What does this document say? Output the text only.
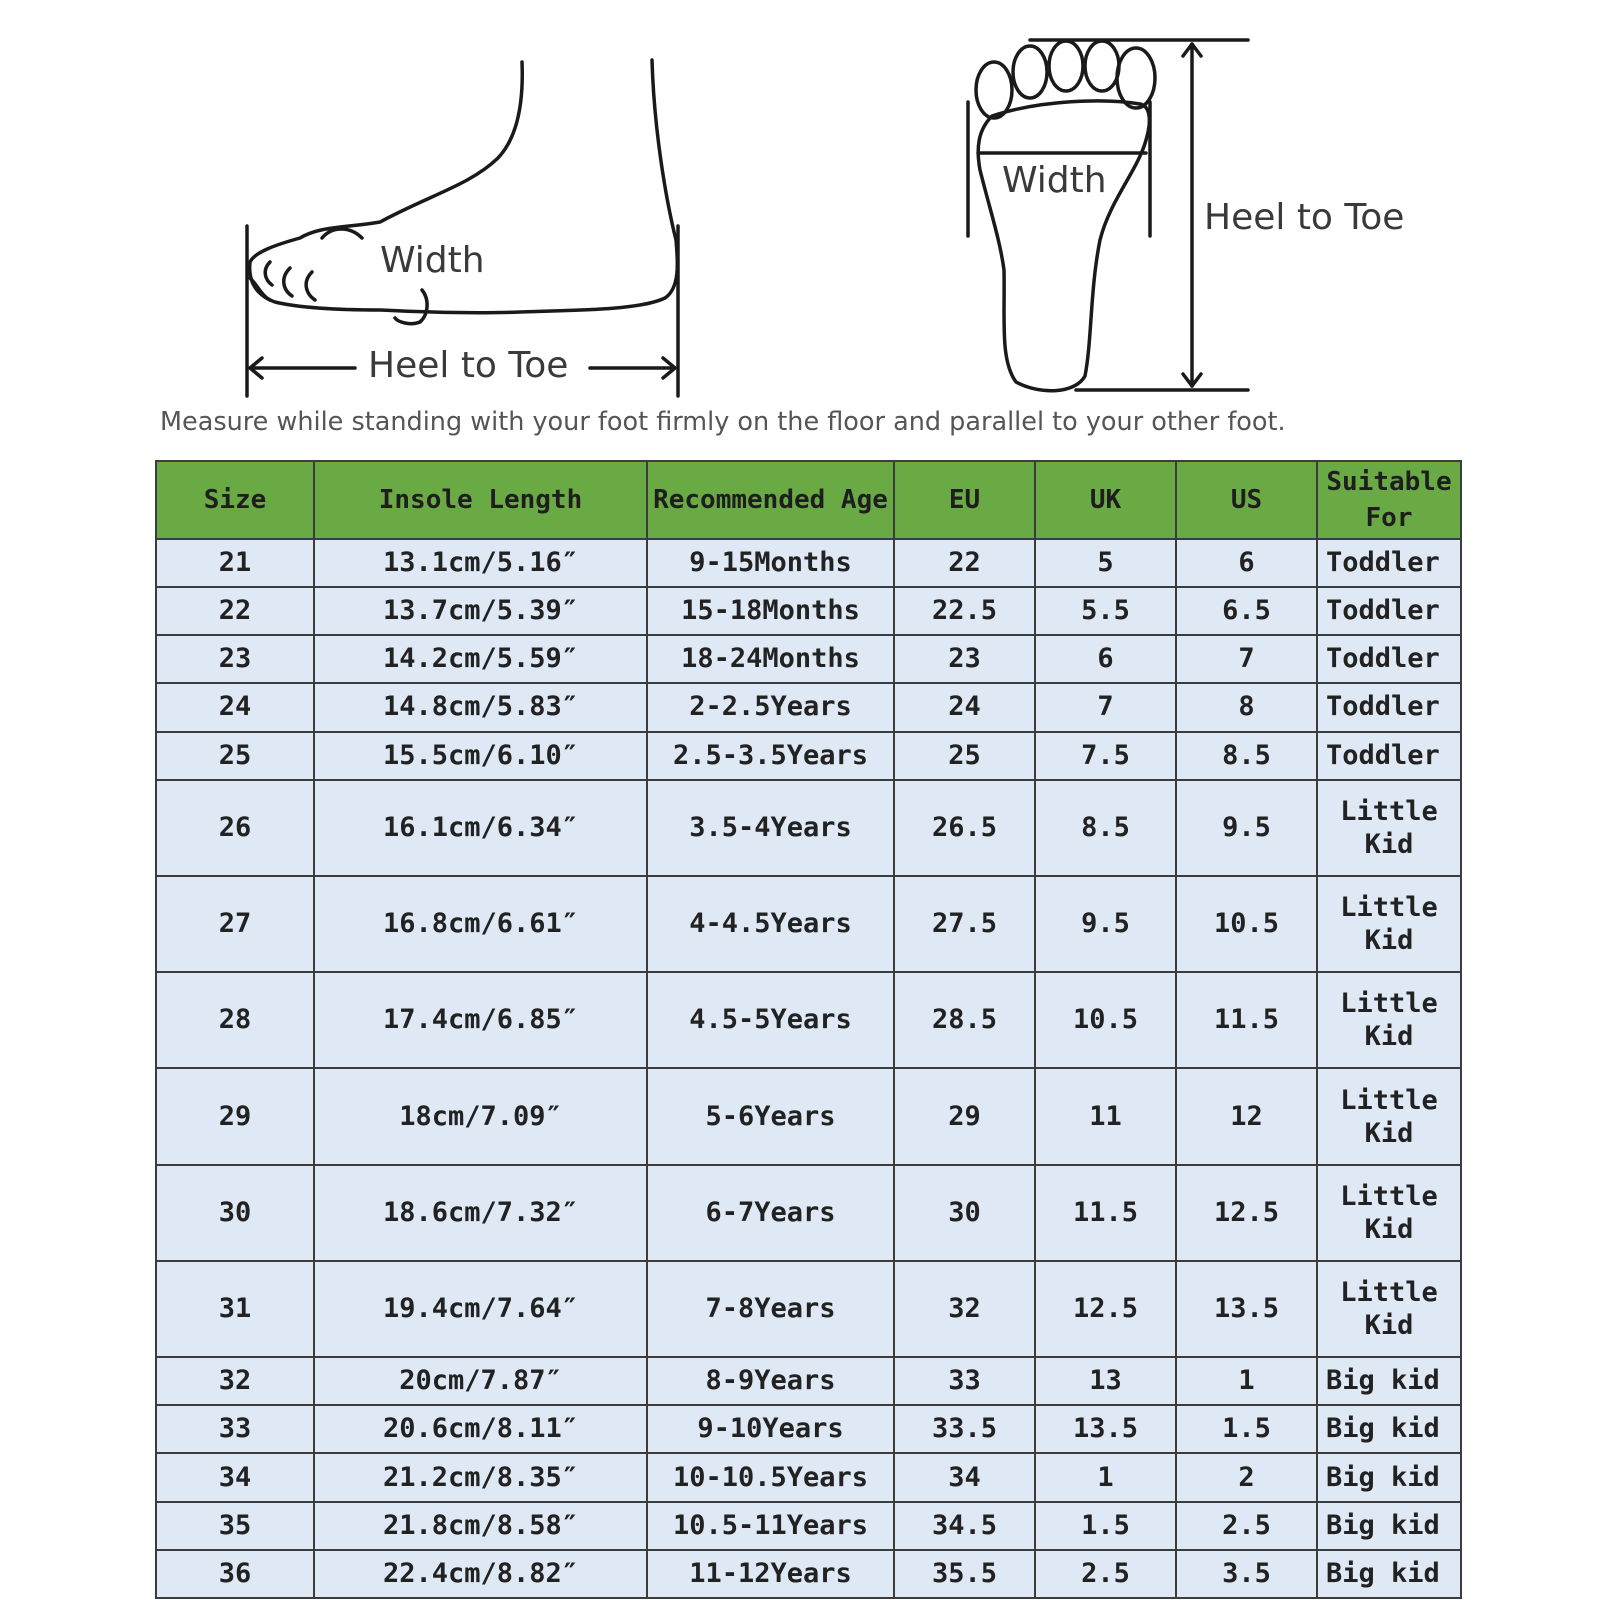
Width
Heel to Toe
Width
Heel to Toe
Measure while standing with your foot firmly on the floor and parallel to your other foot.
Size	Insole Length	Recommended Age	EU	UK	US	Suitable For
21	13.1cm/5.16″	9-15Months	22	5	6	Toddler
22	13.7cm/5.39″	15-18Months	22.5	5.5	6.5	Toddler
23	14.2cm/5.59″	18-24Months	23	6	7	Toddler
24	14.8cm/5.83″	2-2.5Years	24	7	8	Toddler
25	15.5cm/6.10″	2.5-3.5Years	25	7.5	8.5	Toddler
26	16.1cm/6.34″	3.5-4Years	26.5	8.5	9.5	Little Kid
27	16.8cm/6.61″	4-4.5Years	27.5	9.5	10.5	Little Kid
28	17.4cm/6.85″	4.5-5Years	28.5	10.5	11.5	Little Kid
29	18cm/7.09″	5-6Years	29	11	12	Little Kid
30	18.6cm/7.32″	6-7Years	30	11.5	12.5	Little Kid
31	19.4cm/7.64″	7-8Years	32	12.5	13.5	Little Kid
32	20cm/7.87″	8-9Years	33	13	1	Big kid
33	20.6cm/8.11″	9-10Years	33.5	13.5	1.5	Big kid
34	21.2cm/8.35″	10-10.5Years	34	1	2	Big kid
35	21.8cm/8.58″	10.5-11Years	34.5	1.5	2.5	Big kid
36	22.4cm/8.82″	11-12Years	35.5	2.5	3.5	Big kid
